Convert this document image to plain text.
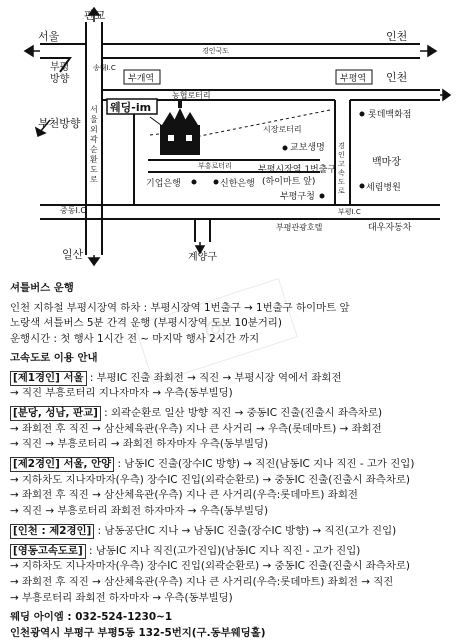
판교
서울	인천
부평
방향
송내I.C
부천방향
경인국도
부개역	부평역 인천
농협로터리
롯데백화점
웨딩-im
시장로터리
교보생명
백마장
부흥로터리	부평시장역 1번출구
(하이마트 앞)
기업은행	신한은행
부평구청
세림병원
중동I.C
대우자동차
부평관광호텔
일산	계양구
서
울
외
곽
순
환
도
로
경
인
고
속
도
로
부평I.C
⊚
셔틀버스 운행
인천 지하철 부평시장역 하차 : 부평시장역 1번출구 → 1번출구 하이마트 앞
노랑색 셔틀버스 5분 간격 운행 (부평시장역 도보 10분거리)
운행시간 : 첫 행사 1시간 전 ~ 마지막 행사 2시간 까지
고속도로 이용 안내
[제1경인] 서울 : 부평IC 진출 좌회전 → 직진 → 부평시장 역에서 좌회전
→ 직진 부흥로터리 지나자마자 → 우측(동부빌딩)
[분당, 성남, 판교] : 외곽순환로 일산 방향 직진 → 중동IC 진출(진출시 좌측차로)
→ 좌회전 후 직진 → 삼산체육관(우측) 지나 큰 사거리 → 우측(롯데마트) → 좌회전
→ 직진 → 부흥로터리 → 좌회전 하자마자 우측(동부빌딩)
[제2경인] 서울, 안양 : 남동IC 진출(장수IC 방향) → 직진(남동IC 지나 직진 - 고가 진입)
→ 지하차도 지나자마자(우측) 장수IC 진입(외곽순환로) → 중동IC 진출(진출시 좌측차로)
→ 좌회전 후 직진 → 삼산체육관(우측) 지나 큰 사거리(우측:롯데마트) 좌회전
→ 직진 → 부흥로터리 좌회전 하자마자 → 우측(동부빌딩)
[인천 : 제2경인] : 남동공단IC 지나 → 남동IC 진출(장수IC 방향) → 직진(고가 진입)
[영동고속도로] : 남동IC 지나 직진(고가진입)(남동IC 지나 직진 - 고가 진입)
→ 지하차도 지나자마자(우측) 장수IC 진입(외곽순환로) → 중동IC 진출(진출시 좌측차로)
→ 좌회전 후 직진 → 삼산체육관(우측) 지나 큰 사거리(우측:롯데마트) 좌회전 → 직진
→ 부흥로터리 좌회전 하자마자 → 우측(동부빌딩)
웨딩 아이엠 : 032-524-1230~1
인천광역시 부평구 부평5동 132-5번지(구.동부웨딩홀)
